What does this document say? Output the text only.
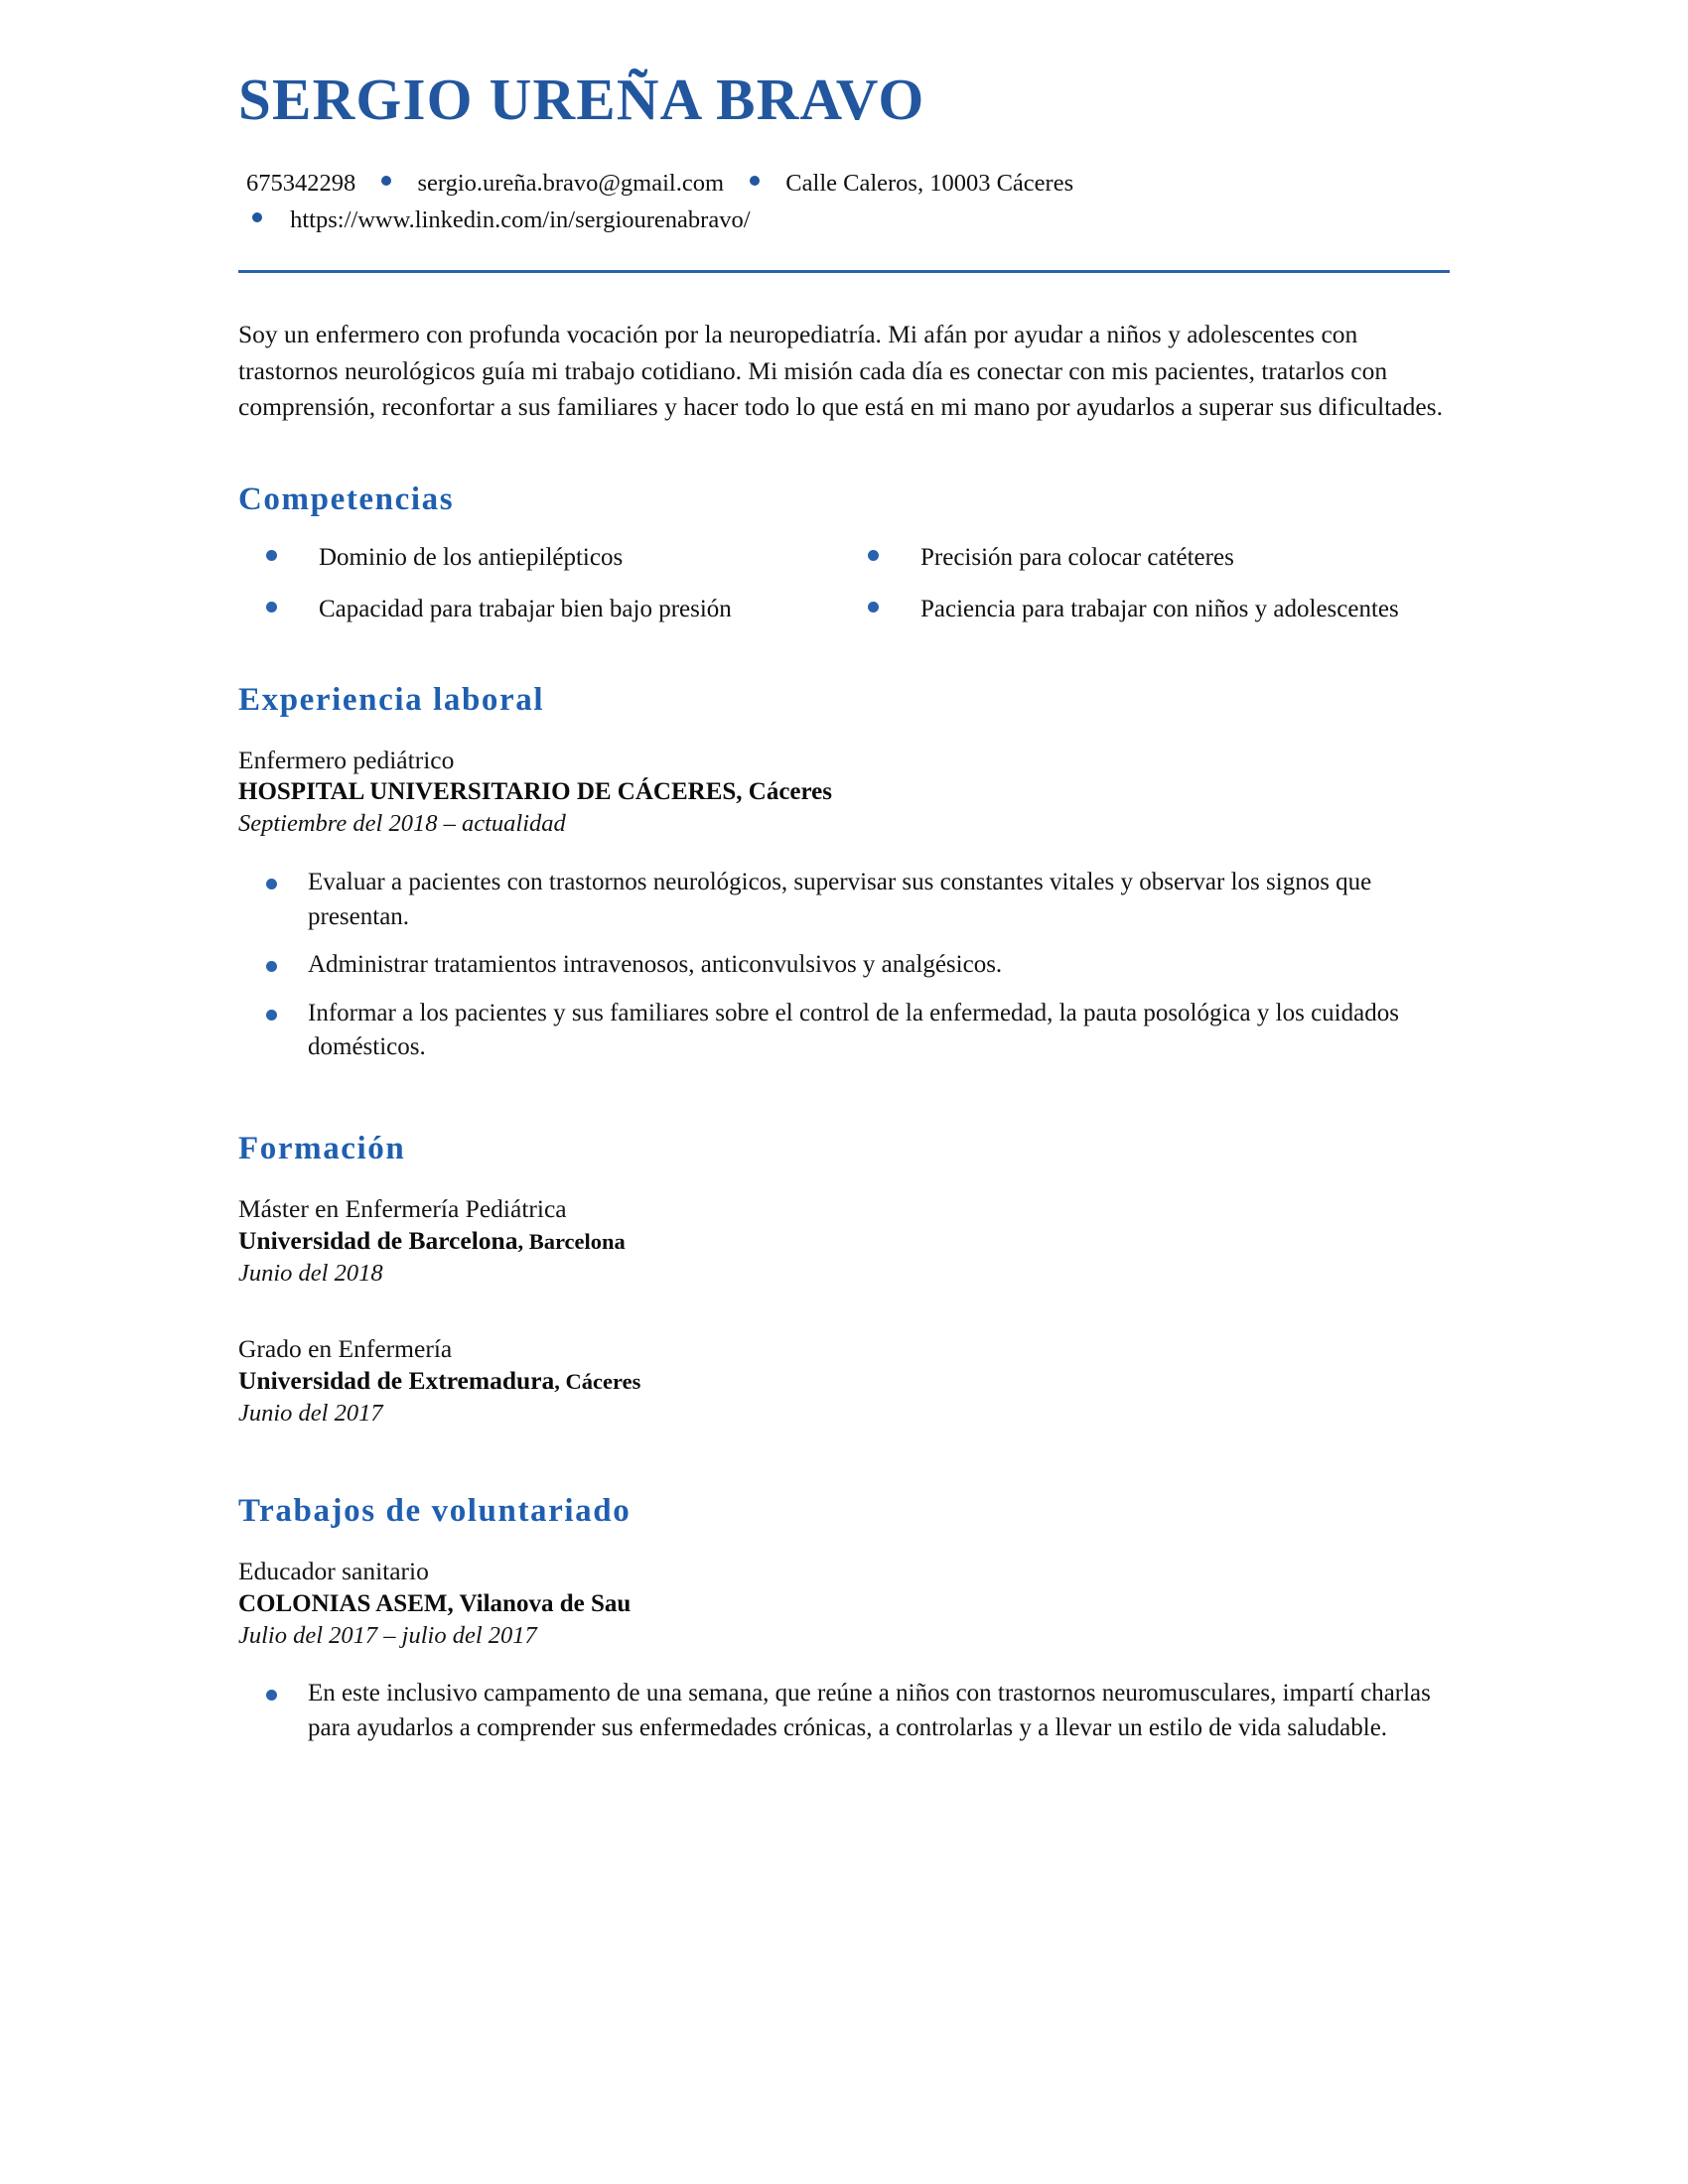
SERGIO UREÑA BRAVO
675342298	sergio.ureña.bravo@gmail.com	Calle Caleros, 10003 Cáceres
https://www.linkedin.com/in/sergiourenabravo/

Soy un enfermero con profunda vocación por la neuropediatría. Mi afán por ayudar a niños y adolescentes con trastornos neurológicos guía mi trabajo cotidiano. Mi misión cada día es conectar con mis pacientes, tratarlos con comprensión, reconfortar a sus familiares y hacer todo lo que está en mi mano por ayudarlos a superar sus dificultades.

Competencias
Dominio de los antiepilépticos	Precisión para colocar catéteres
Capacidad para trabajar bien bajo presión	Paciencia para trabajar con niños y adolescentes
Experiencia laboral
Enfermero pediátrico
HOSPITAL UNIVERSITARIO DE CÁCERES, Cáceres
Septiembre del 2018 – actualidad
Evaluar a pacientes con trastornos neurológicos, supervisar sus constantes vitales y observar los signos que presentan.
Administrar tratamientos intravenosos, anticonvulsivos y analgésicos.
Informar a los pacientes y sus familiares sobre el control de la enfermedad, la pauta posológica y los cuidados domésticos.
Formación
Máster en Enfermería Pediátrica
Universidad de Barcelona, Barcelona
Junio del 2018
Grado en Enfermería
Universidad de Extremadura, Cáceres
Junio del 2017
Trabajos de voluntariado
Educador sanitario
COLONIAS ASEM, Vilanova de Sau
Julio del 2017 – julio del 2017
En este inclusivo campamento de una semana, que reúne a niños con trastornos neuromusculares, impartí charlas para ayudarlos a comprender sus enfermedades crónicas, a controlarlas y a llevar un estilo de vida saludable.
